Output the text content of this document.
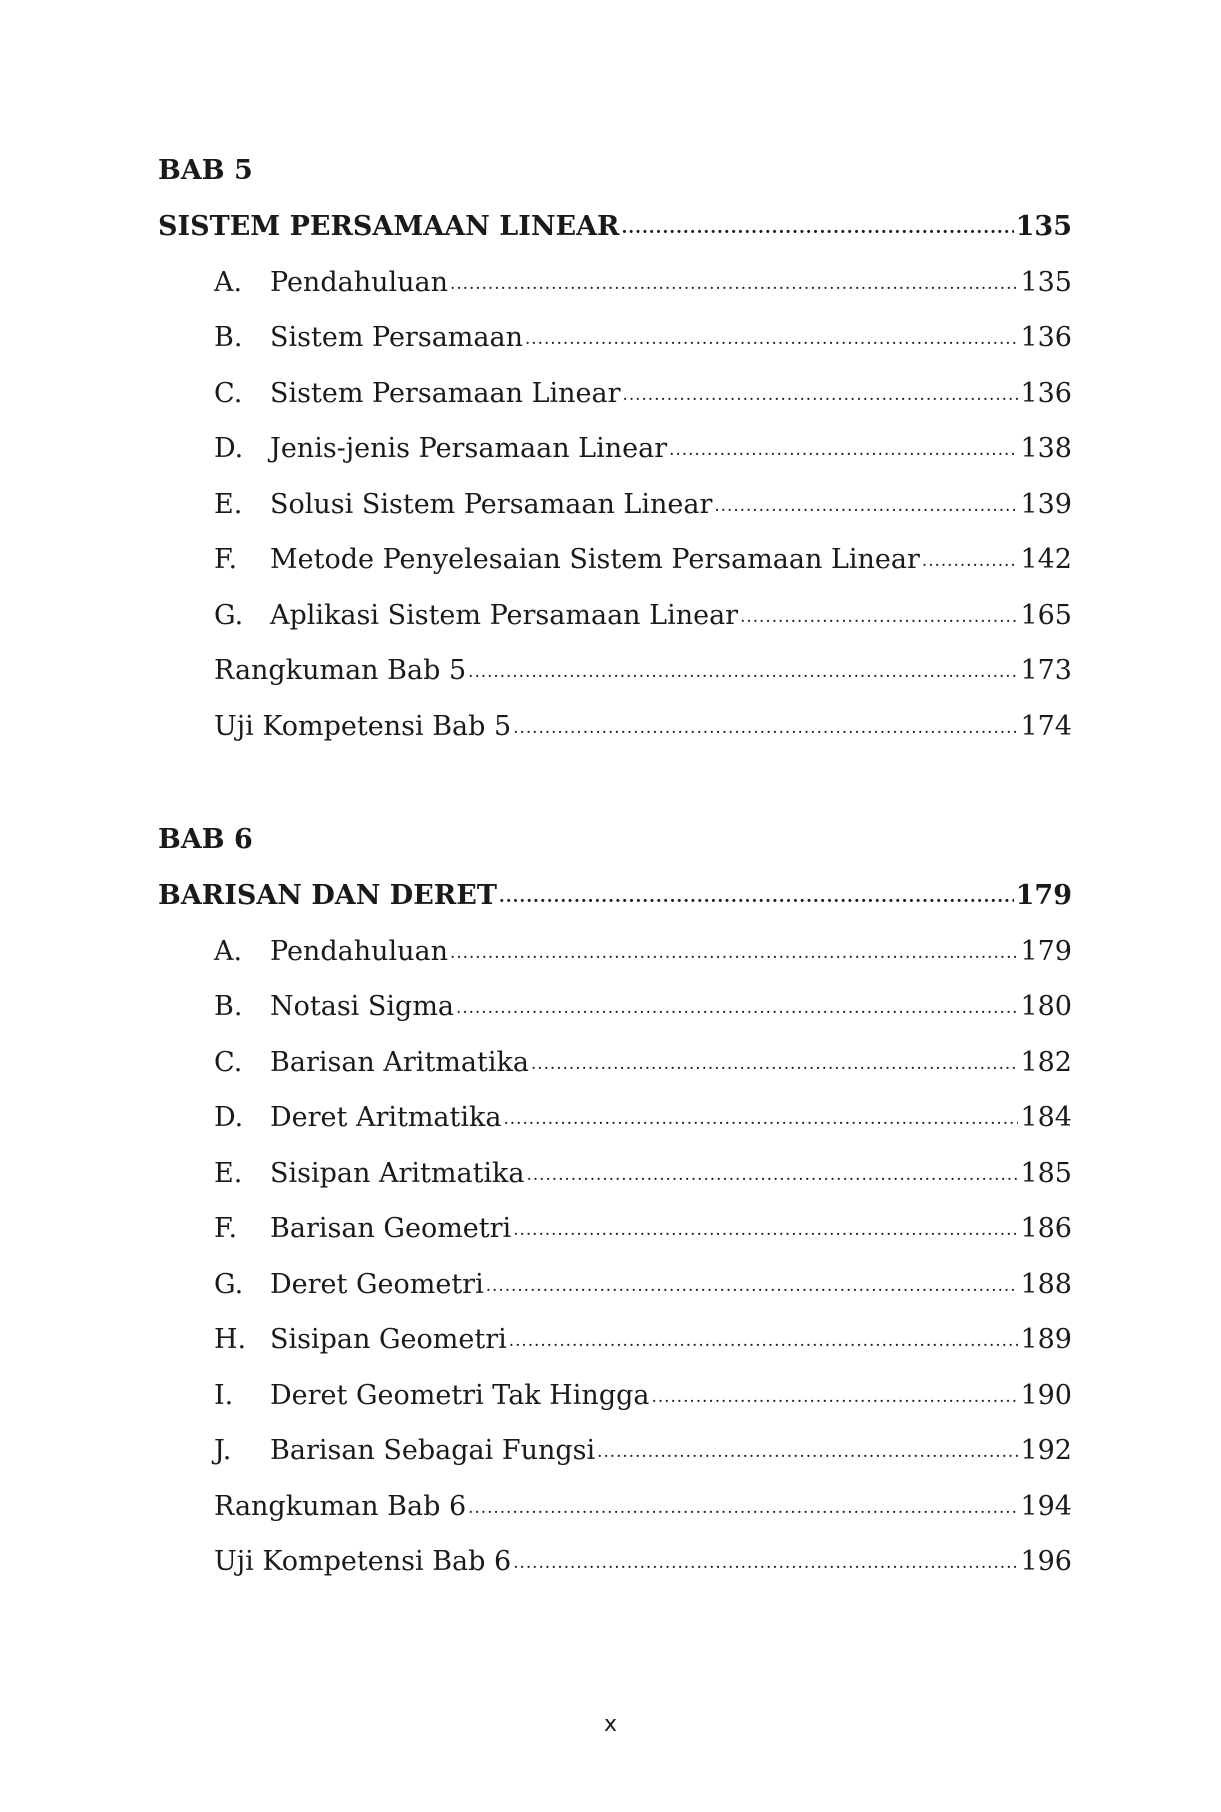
BAB 5
SISTEM PERSAMAAN LINEAR .....	135
A.	Pendahuluan .....	135
B.	Sistem Persamaan .....	136
C.	Sistem Persamaan Linear .....	136
D. Jenis-jenis Persamaan Linear .....	138
E.	Solusi Sistem Persamaan Linear .....	139
F.	Metode Penyelesaian Sistem Persamaan Linear .....	142
G. Aplikasi Sistem Persamaan Linear .....	165
Rangkuman Bab 5 .....	173
Uji Kompetensi Bab 5 .....	174
BAB 6
BARISAN DAN DERET .....	179
A.	Pendahuluan .....	179
B.	Notasi Sigma .....	180
C.	Barisan Aritmatika .....	182
D. Deret Aritmatika .....	184
E.	Sisipan Aritmatika .....	185
F.	Barisan Geometri .....	186
G. Deret Geometri .....	188
H. Sisipan Geometri .....	189
I.	Deret Geometri Tak Hingga .....	190
J.	Barisan Sebagai Fungsi .....	192
Rangkuman Bab 6 .....	194
Uji Kompetensi Bab 6 .....	196
x
